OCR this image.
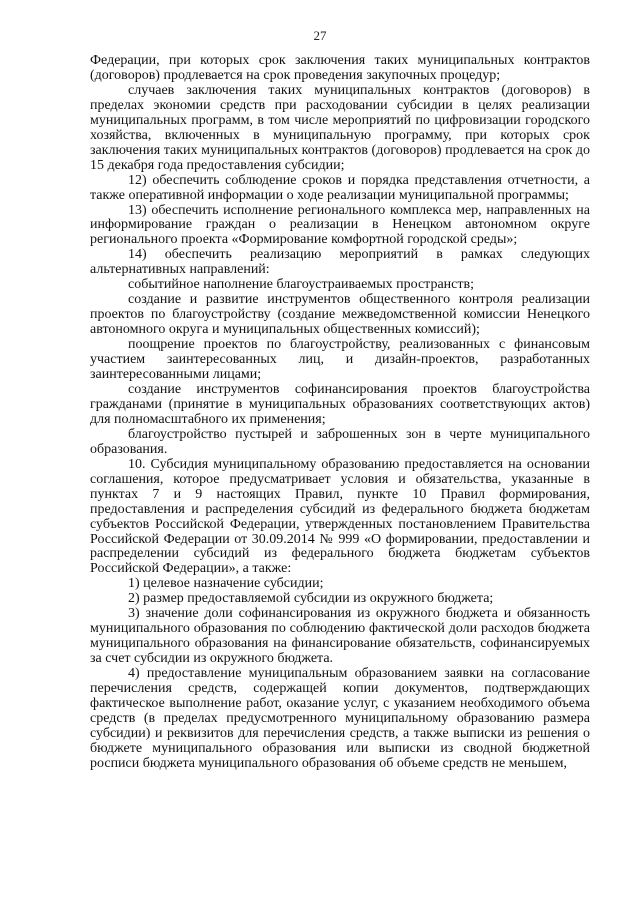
27

Федерации, при которых срок заключения таких муниципальных контрактов (договоров) продлевается на срок проведения закупочных процедур;

случаев заключения таких муниципальных контрактов (договоров) в пределах экономии средств при расходовании субсидии в целях реализации муниципальных программ, в том числе мероприятий по цифровизации городского хозяйства, включенных в муниципальную программу, при которых срок заключения таких муниципальных контрактов (договоров) продлевается на срок до 15 декабря года предоставления субсидии;

12) обеспечить соблюдение сроков и порядка представления отчетности, а также оперативной информации о ходе реализации муниципальной программы;

13) обеспечить исполнение регионального комплекса мер, направленных на информирование граждан о реализации в Ненецком автономном округе регионального проекта «Формирование комфортной городской среды»;

14) обеспечить реализацию мероприятий в рамках следующих альтернативных направлений:

событийное наполнение благоустраиваемых пространств;

создание и развитие инструментов общественного контроля реализации проектов по благоустройству (создание межведомственной комиссии Ненецкого автономного округа и муниципальных общественных комиссий);

поощрение проектов по благоустройству, реализованных с финансовым участием заинтересованных лиц, и дизайн-проектов, разработанных заинтересованными лицами;

создание инструментов софинансирования проектов благоустройства гражданами (принятие в муниципальных образованиях соответствующих актов) для полномасштабного их применения;

благоустройство пустырей и заброшенных зон в черте муниципального образования.

10. Субсидия муниципальному образованию предоставляется на основании соглашения, которое предусматривает условия и обязательства, указанные в пунктах 7 и 9 настоящих Правил, пункте 10 Правил формирования, предоставления и распределения субсидий из федерального бюджета бюджетам субъектов Российской Федерации, утвержденных постановлением Правительства Российской Федерации от 30.09.2014 № 999 «О формировании, предоставлении и распределении субсидий из федерального бюджета бюджетам субъектов Российской Федерации», а также:

1) целевое назначение субсидии;

2) размер предоставляемой субсидии из окружного бюджета;

3) значение доли софинансирования из окружного бюджета и обязанность муниципального образования по соблюдению фактической доли расходов бюджета муниципального образования на финансирование обязательств, софинансируемых за счет субсидии из окружного бюджета.

4) предоставление муниципальным образованием заявки на согласование перечисления средств, содержащей копии документов, подтверждающих фактическое выполнение работ, оказание услуг, с указанием необходимого объема средств (в пределах предусмотренного муниципальному образованию размера субсидии) и реквизитов для перечисления средств, а также выписки из решения о бюджете муниципального образования или выписки из сводной бюджетной росписи бюджета муниципального образования об объеме средств не меньшем,
